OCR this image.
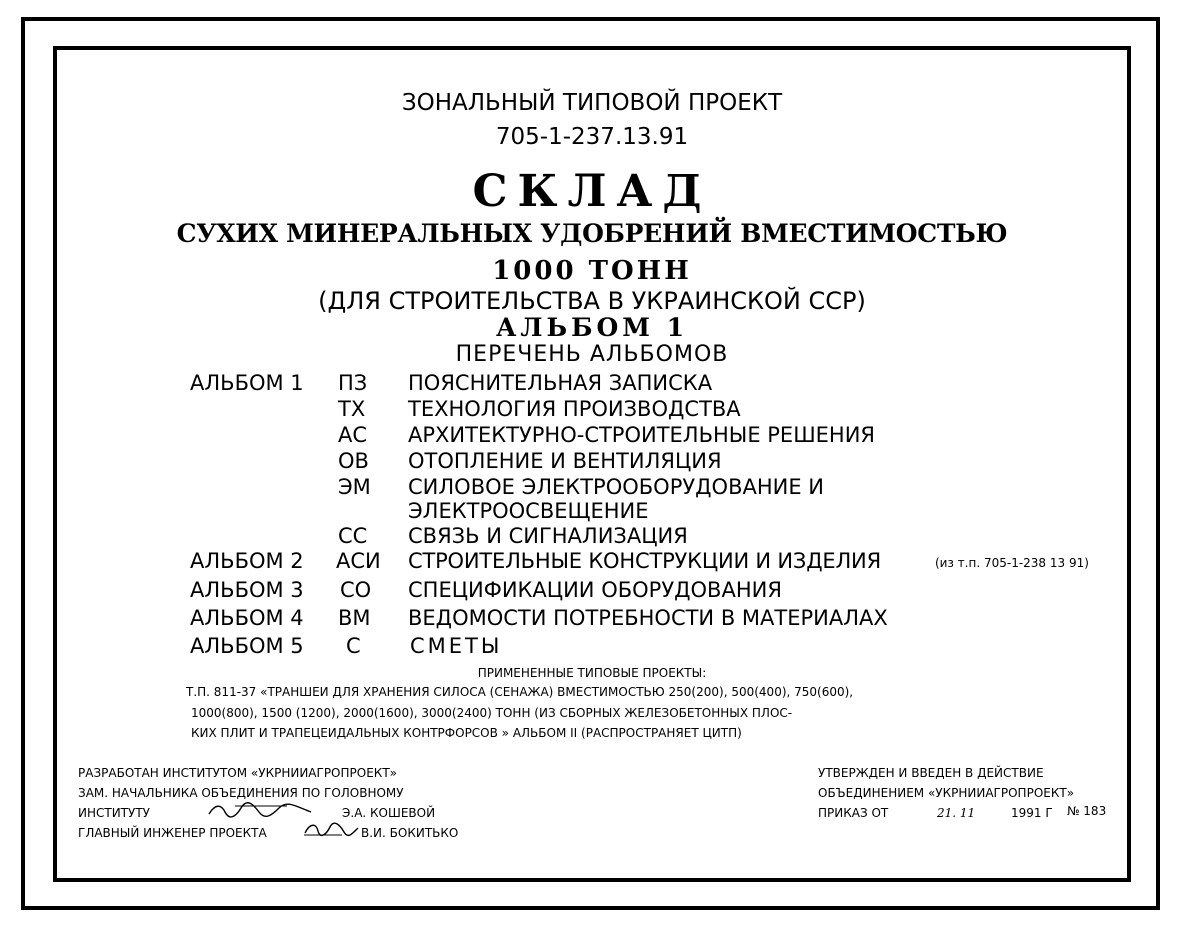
ЗОНАЛЬНЫЙ ТИПОВОЙ ПРОЕКТ
705-1-237.13.91
СКЛАД
СУХИХ МИНЕРАЛЬНЫХ УДОБРЕНИЙ ВМЕСТИМОСТЬЮ
1000 ТОНН
(ДЛЯ СТРОИТЕЛЬСТВА В УКРАИНСКОЙ ССР)
АЛЬБОМ 1
ПЕРЕЧЕНЬ АЛЬБОМОВ
АЛЬБОМ 1 ПЗ ПОЯСНИТЕЛЬНАЯ ЗАПИСКА
ТХ ТЕХНОЛОГИЯ ПРОИЗВОДСТВА
АС АРХИТЕКТУРНО-СТРОИТЕЛЬНЫЕ РЕШЕНИЯ
ОВ ОТОПЛЕНИЕ И ВЕНТИЛЯЦИЯ
ЭМ СИЛОВОЕ ЭЛЕКТРООБОРУДОВАНИЕ И
ЭЛЕКТРООСВЕЩЕНИЕ
СС СВЯЗЬ И СИГНАЛИЗАЦИЯ
АЛЬБОМ 2 АСИ СТРОИТЕЛЬНЫЕ КОНСТРУКЦИИ И ИЗДЕЛИЯ	(из т.п. 705-1-238 13 91)
АЛЬБОМ 3 СО СПЕЦИФИКАЦИИ ОБОРУДОВАНИЯ
АЛЬБОМ 4 ВМ ВЕДОМОСТИ ПОТРЕБНОСТИ В МАТЕРИАЛАХ
АЛЬБОМ 5 С СМЕТЫ
ПРИМЕНЕННЫЕ ТИПОВЫЕ ПРОЕКТЫ:
Т.П. 811-37 «ТРАНШЕИ ДЛЯ ХРАНЕНИЯ СИЛОСА (СЕНАЖА) ВМЕСТИМОСТЬЮ 250(200), 500(400), 750(600),
1000(800), 1500 (1200), 2000(1600), 3000(2400) ТОНН (ИЗ СБОРНЫХ ЖЕЛЕЗОБЕТОННЫХ ПЛОС-
КИХ ПЛИТ И ТРАПЕЦЕИДАЛЬНЫХ КОНТРФОРСОВ » АЛЬБОМ II (РАСПРОСТРАНЯЕТ ЦИТП)
РАЗРАБОТАН ИНСТИТУТОМ «УКРНИИАГРОПРОЕКТ»
ЗАМ. НАЧАЛЬНИКА ОБЪЕДИНЕНИЯ ПО ГОЛОВНОМУ
ИНСТИТУТУ	Э.А. КОШЕВОЙ
ГЛАВНЫЙ ИНЖЕНЕР ПРОЕКТА	В.И. БОКИТЬКО
УТВЕРЖДЕН И ВВЕДЕН В ДЕЙСТВИЕ
ОБЪЕДИНЕНИЕМ «УКРНИИАГРОПРОЕКТ»
ПРИКАЗ ОТ	21. 11	1991 Г № 183
